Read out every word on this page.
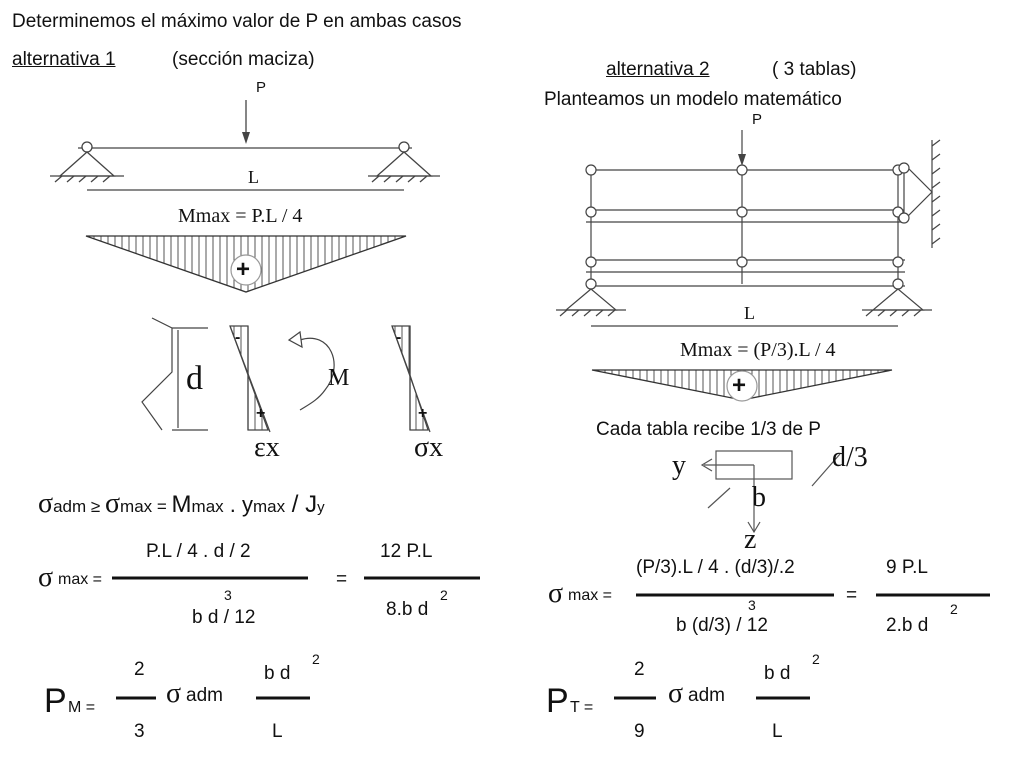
Determinemos el máximo valor de P en ambas casos
alternativa 1	(sección maciza)
P
L
Mmax = P.L / 4
+
-
+
-
+
d	M
εx	σx
alternativa 2	( 3 tablas)
Planteamos un modelo matemático
P
L
Mmax = (P/3).L / 4
+
Cada tabla recibe 1/3 de P
y	d/3
b
z
σadm ≥ σmax = Mmax . ymax / Jy
σ max =
P.L / 4 . d / 2
b d / 12
3
=
12 P.L
8.b d
2	σ max =
(P/3).L / 4 . (d/3)/.2
b (d/3) / 12
3	=
9 P.L
2.b d
2
P M =
2
3
σ adm
b d
2
L
P T =
2
9
σ adm
b d
2
L
